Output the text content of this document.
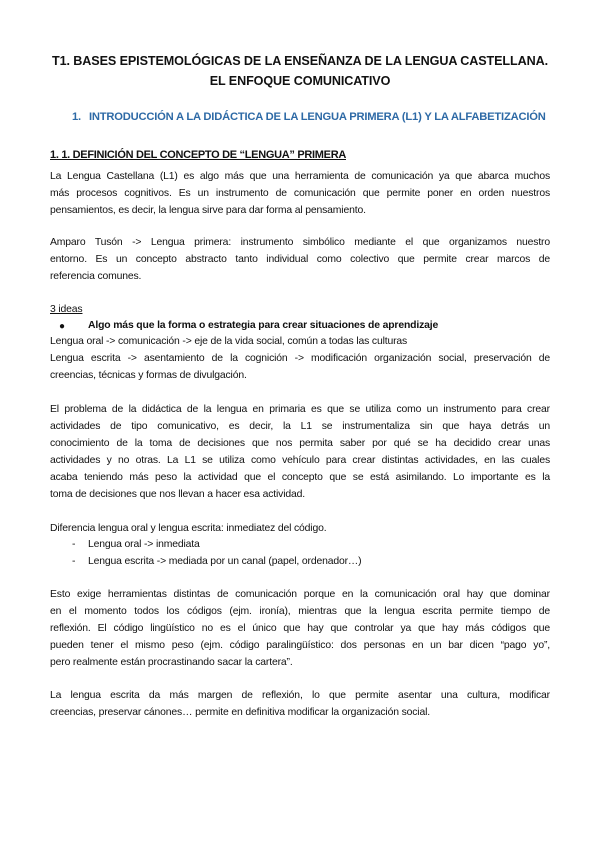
T1. BASES EPISTEMOLÓGICAS DE LA ENSEÑANZA DE LA LENGUA CASTELLANA.
EL ENFOQUE COMUNICATIVO
1. INTRODUCCIÓN A LA DIDÁCTICA DE LA LENGUA PRIMERA (L1) Y LA ALFABETIZACIÓN
1. 1. DEFINICIÓN DEL CONCEPTO DE “LENGUA” PRIMERA
La Lengua Castellana (L1) es algo más que una herramienta de comunicación ya que abarca muchos
más procesos cognitivos. Es un instrumento de comunicación que permite poner en orden nuestros
pensamientos, es decir, la lengua sirve para dar forma al pensamiento.
Amparo Tusón -> Lengua primera: instrumento simbólico mediante el que organizamos nuestro
entorno. Es un concepto abstracto tanto individual como colectivo que permite crear marcos de
referencia comunes.
3 ideas
● Algo más que la forma o estrategia para crear situaciones de aprendizaje
Lengua oral -> comunicación -> eje de la vida social, común a todas las culturas
Lengua escrita -> asentamiento de la cognición -> modificación organización social, preservación de
creencias, técnicas y formas de divulgación.
El problema de la didáctica de la lengua en primaria es que se utiliza como un instrumento para crear
actividades de tipo comunicativo, es decir, la L1 se instrumentaliza sin que haya detrás un
conocimiento de la toma de decisiones que nos permita saber por qué se ha decidido crear unas
actividades y no otras. La L1 se utiliza como vehículo para crear distintas actividades, en las cuales
acaba teniendo más peso la actividad que el concepto que se está asimilando. Lo importante es la
toma de decisiones que nos llevan a hacer esa actividad.
Diferencia lengua oral y lengua escrita: inmediatez del código.
- Lengua oral -> inmediata
- Lengua escrita -> mediada por un canal (papel, ordenador…)
Esto exige herramientas distintas de comunicación porque en la comunicación oral hay que dominar
en el momento todos los códigos (ejm. ironía), mientras que la lengua escrita permite tiempo de
reflexión. El código lingüístico no es el único que hay que controlar ya que hay más códigos que
pueden tener el mismo peso (ejm. código paralingüístico: dos personas en un bar dicen “pago yo”,
pero realmente están procrastinando sacar la cartera”.
La lengua escrita da más margen de reflexión, lo que permite asentar una cultura, modificar
creencias, preservar cánones… permite en definitiva modificar la organización social.
